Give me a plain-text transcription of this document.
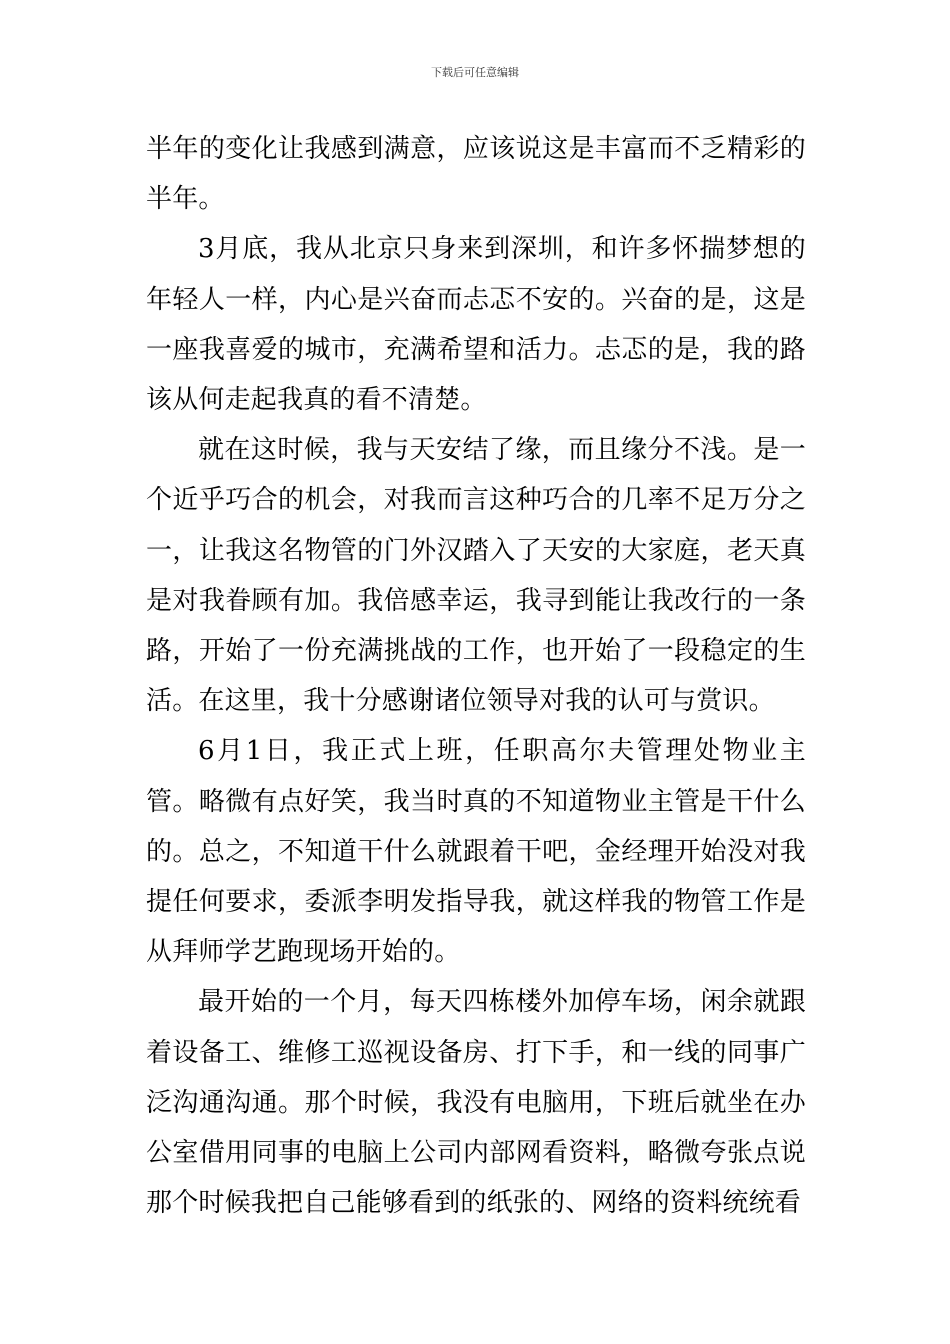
下载后可任意编辑

半年的变化让我感到满意，应该说这是丰富而不乏精彩的半年。

3月底，我从北京只身来到深圳，和许多怀揣梦想的年轻人一样，内心是兴奋而忐忑不安的。兴奋的是，这是一座我喜爱的城市，充满希望和活力。忐忑的是，我的路该从何走起我真的看不清楚。

就在这时候，我与天安结了缘，而且缘分不浅。是一个近乎巧合的机会，对我而言这种巧合的几率不足万分之一，让我这名物管的门外汉踏入了天安的大家庭，老天真是对我眷顾有加。我倍感幸运，我寻到能让我改行的一条路，开始了一份充满挑战的工作，也开始了一段稳定的生活。在这里，我十分感谢诸位领导对我的认可与赏识。

6月1日，我正式上班，任职高尔夫管理处物业主管。略微有点好笑，我当时真的不知道物业主管是干什么的。总之，不知道干什么就跟着干吧，金经理开始没对我提任何要求，委派李明发指导我，就这样我的物管工作是从拜师学艺跑现场开始的。

最开始的一个月，每天四栋楼外加停车场，闲余就跟着设备工、维修工巡视设备房、打下手，和一线的同事广泛沟通沟通。那个时候，我没有电脑用，下班后就坐在办公室借用同事的电脑上公司内部网看资料，略微夸张点说那个时候我把自己能够看到的纸张的、网络的资料统统看
